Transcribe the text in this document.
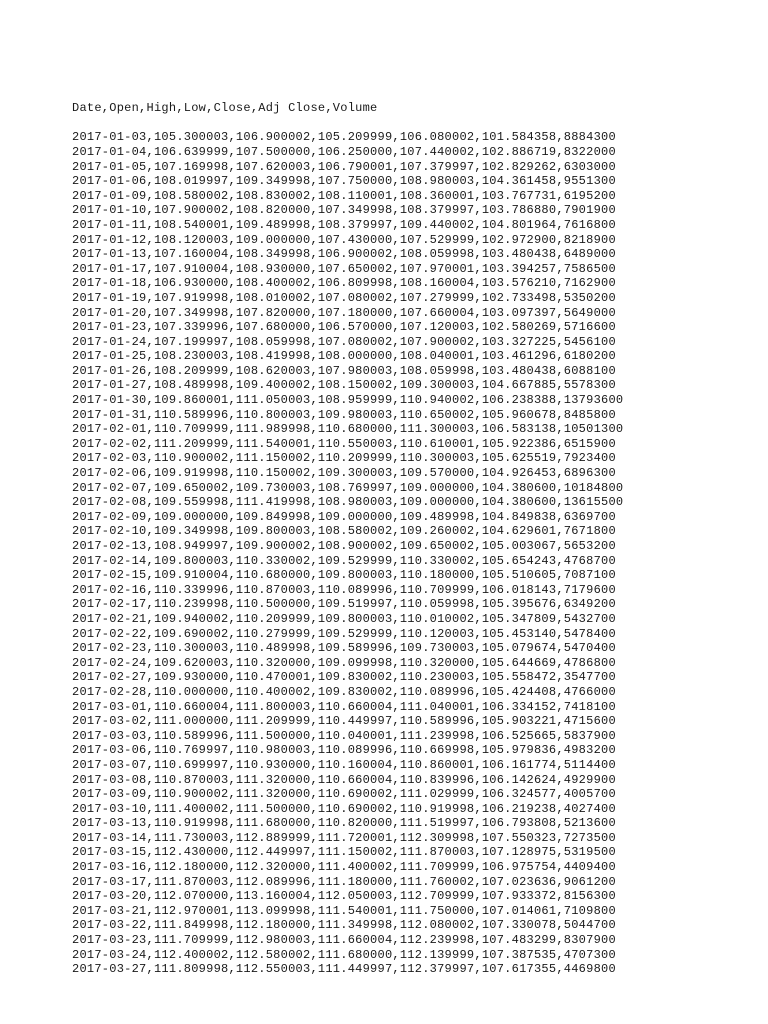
Date,Open,High,Low,Close,Adj Close,Volume

2017-01-03,105.300003,106.900002,105.209999,106.080002,101.584358,8884300
2017-01-04,106.639999,107.500000,106.250000,107.440002,102.886719,8322000
2017-01-05,107.169998,107.620003,106.790001,107.379997,102.829262,6303000
2017-01-06,108.019997,109.349998,107.750000,108.980003,104.361458,9551300
2017-01-09,108.580002,108.830002,108.110001,108.360001,103.767731,6195200
2017-01-10,107.900002,108.820000,107.349998,108.379997,103.786880,7901900
2017-01-11,108.540001,109.489998,108.379997,109.440002,104.801964,7616800
2017-01-12,108.120003,109.000000,107.430000,107.529999,102.972900,8218900
2017-01-13,107.160004,108.349998,106.900002,108.059998,103.480438,6489000
2017-01-17,107.910004,108.930000,107.650002,107.970001,103.394257,7586500
2017-01-18,106.930000,108.400002,106.809998,108.160004,103.576210,7162900
2017-01-19,107.919998,108.010002,107.080002,107.279999,102.733498,5350200
2017-01-20,107.349998,107.820000,107.180000,107.660004,103.097397,5649000
2017-01-23,107.339996,107.680000,106.570000,107.120003,102.580269,5716600
2017-01-24,107.199997,108.059998,107.080002,107.900002,103.327225,5456100
2017-01-25,108.230003,108.419998,108.000000,108.040001,103.461296,6180200
2017-01-26,108.209999,108.620003,107.980003,108.059998,103.480438,6088100
2017-01-27,108.489998,109.400002,108.150002,109.300003,104.667885,5578300
2017-01-30,109.860001,111.050003,108.959999,110.940002,106.238388,13793600
2017-01-31,110.589996,110.800003,109.980003,110.650002,105.960678,8485800
2017-02-01,110.709999,111.989998,110.680000,111.300003,106.583138,10501300
2017-02-02,111.209999,111.540001,110.550003,110.610001,105.922386,6515900
2017-02-03,110.900002,111.150002,110.209999,110.300003,105.625519,7923400
2017-02-06,109.919998,110.150002,109.300003,109.570000,104.926453,6896300
2017-02-07,109.650002,109.730003,108.769997,109.000000,104.380600,10184800
2017-02-08,109.559998,111.419998,108.980003,109.000000,104.380600,13615500
2017-02-09,109.000000,109.849998,109.000000,109.489998,104.849838,6369700
2017-02-10,109.349998,109.800003,108.580002,109.260002,104.629601,7671800
2017-02-13,108.949997,109.900002,108.900002,109.650002,105.003067,5653200
2017-02-14,109.800003,110.330002,109.529999,110.330002,105.654243,4768700
2017-02-15,109.910004,110.680000,109.800003,110.180000,105.510605,7087100
2017-02-16,110.339996,110.870003,110.089996,110.709999,106.018143,7179600
2017-02-17,110.239998,110.500000,109.519997,110.059998,105.395676,6349200
2017-02-21,109.940002,110.209999,109.800003,110.010002,105.347809,5432700
2017-02-22,109.690002,110.279999,109.529999,110.120003,105.453140,5478400
2017-02-23,110.300003,110.489998,109.589996,109.730003,105.079674,5470400
2017-02-24,109.620003,110.320000,109.099998,110.320000,105.644669,4786800
2017-02-27,109.930000,110.470001,109.830002,110.230003,105.558472,3547700
2017-02-28,110.000000,110.400002,109.830002,110.089996,105.424408,4766000
2017-03-01,110.660004,111.800003,110.660004,111.040001,106.334152,7418100
2017-03-02,111.000000,111.209999,110.449997,110.589996,105.903221,4715600
2017-03-03,110.589996,111.500000,110.040001,111.239998,106.525665,5837900
2017-03-06,110.769997,110.980003,110.089996,110.669998,105.979836,4983200
2017-03-07,110.699997,110.930000,110.160004,110.860001,106.161774,5114400
2017-03-08,110.870003,111.320000,110.660004,110.839996,106.142624,4929900
2017-03-09,110.900002,111.320000,110.690002,111.029999,106.324577,4005700
2017-03-10,111.400002,111.500000,110.690002,110.919998,106.219238,4027400
2017-03-13,110.919998,111.680000,110.820000,111.519997,106.793808,5213600
2017-03-14,111.730003,112.889999,111.720001,112.309998,107.550323,7273500
2017-03-15,112.430000,112.449997,111.150002,111.870003,107.128975,5319500
2017-03-16,112.180000,112.320000,111.400002,111.709999,106.975754,4409400
2017-03-17,111.870003,112.089996,111.180000,111.760002,107.023636,9061200
2017-03-20,112.070000,113.160004,112.050003,112.709999,107.933372,8156300
2017-03-21,112.970001,113.099998,111.540001,111.750000,107.014061,7109800
2017-03-22,111.849998,112.180000,111.349998,112.080002,107.330078,5044700
2017-03-23,111.709999,112.980003,111.660004,112.239998,107.483299,8307900
2017-03-24,112.400002,112.580002,111.680000,112.139999,107.387535,4707300
2017-03-27,111.809998,112.550003,111.449997,112.379997,107.617355,4469800
